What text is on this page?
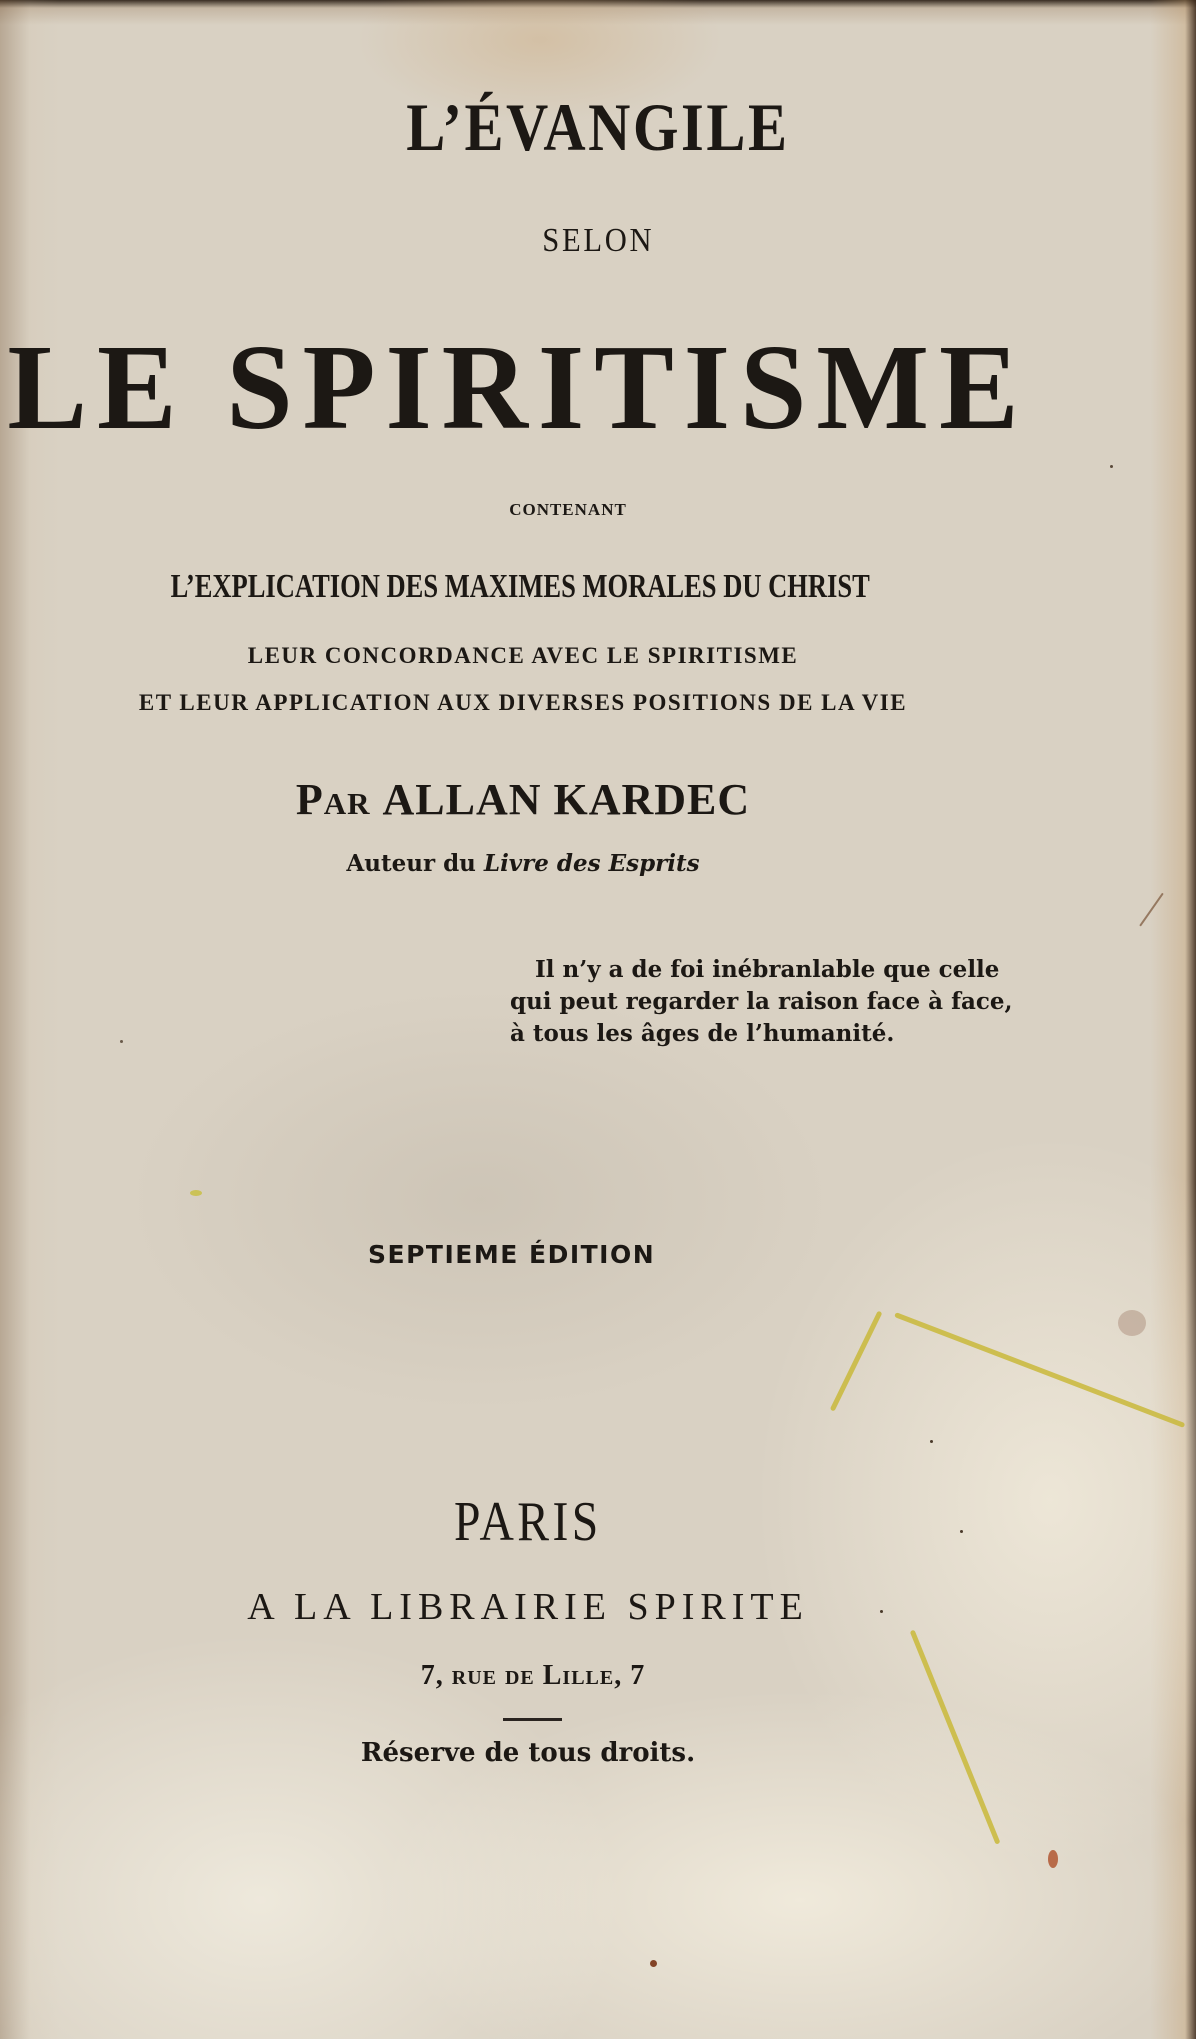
L’ÉVANGILE
SELON
LE SPIRITISME
CONTENANT
L’EXPLICATION DES MAXIMES MORALES DU CHRIST
LEUR CONCORDANCE AVEC LE SPIRITISME
ET LEUR APPLICATION AUX DIVERSES POSITIONS DE LA VIE
Par ALLAN KARDEC
Auteur du Livre des Esprits
Il n’y a de foi inébranlable que celle
qui peut regarder la raison face à face,
à tous les âges de l’humanité.
SEPTIEME ÉDITION
PARIS
A LA LIBRAIRIE SPIRITE
7, rue de Lille, 7
Réserve de tous droits.
